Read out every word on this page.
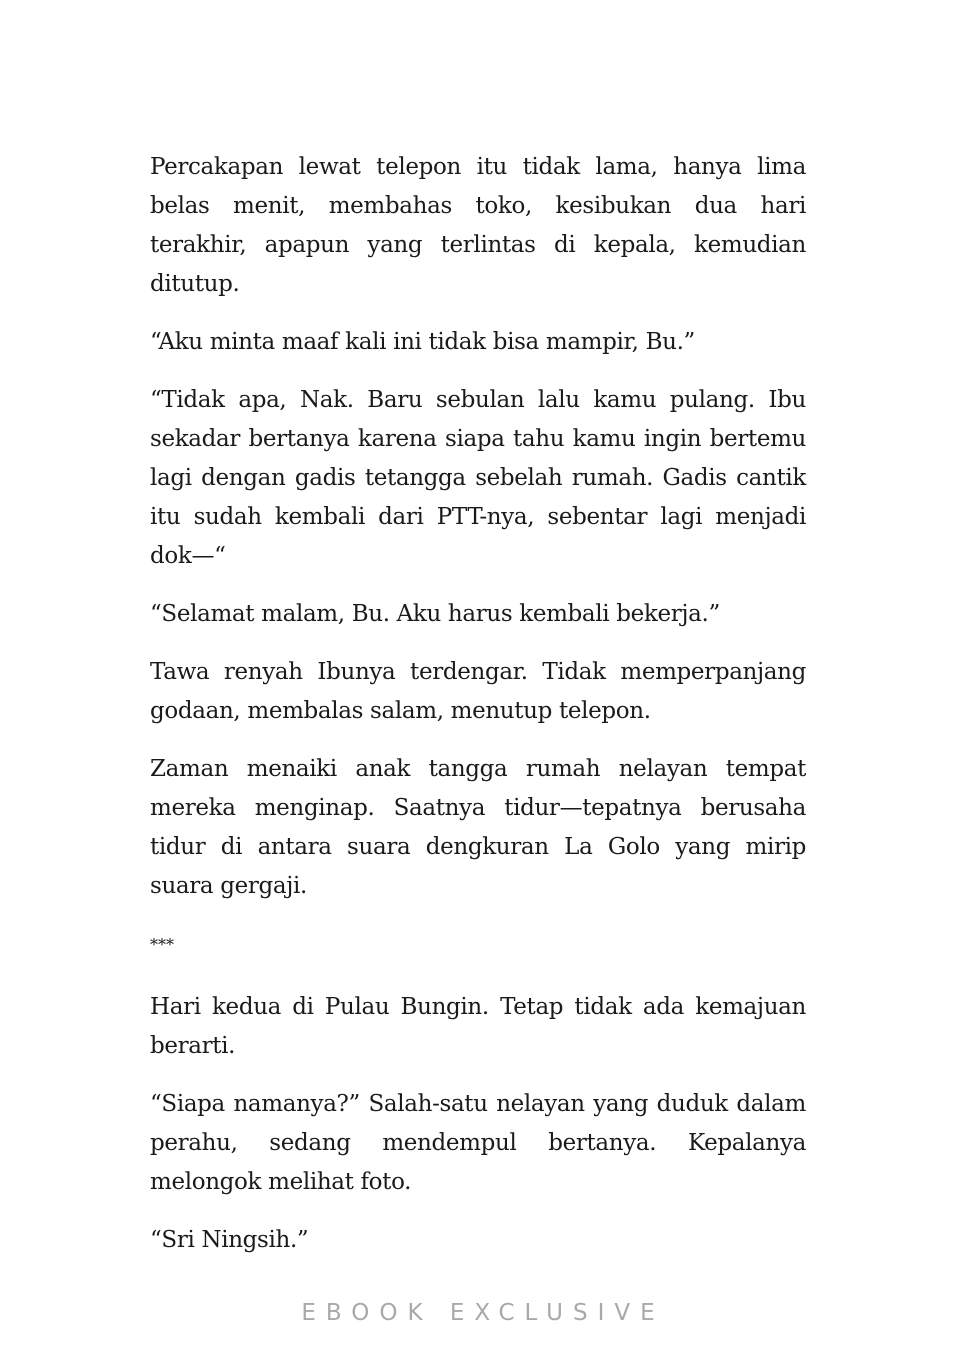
Percakapan lewat telepon itu tidak lama, hanya lima belas menit, membahas toko, kesibukan dua hari terakhir, apapun yang terlintas di kepala, kemudian ditutup.

“Aku minta maaf kali ini tidak bisa mampir, Bu.”

“Tidak apa, Nak. Baru sebulan lalu kamu pulang. Ibu sekadar bertanya karena siapa tahu kamu ingin bertemu lagi dengan gadis tetangga sebelah rumah. Gadis cantik itu sudah kembali dari PTT-nya, sebentar lagi menjadi dok—“

“Selamat malam, Bu. Aku harus kembali bekerja.”

Tawa renyah Ibunya terdengar. Tidak memperpanjang godaan, membalas salam, menutup telepon.

Zaman menaiki anak tangga rumah nelayan tempat mereka menginap. Saatnya tidur—tepatnya berusaha tidur di antara suara dengkuran La Golo yang mirip suara gergaji.

***

Hari kedua di Pulau Bungin. Tetap tidak ada kemajuan berarti.

“Siapa namanya?” Salah-satu nelayan yang duduk dalam perahu, sedang mendempul bertanya. Kepalanya melongok melihat foto.

“Sri Ningsih.”

EBOOK EXCLUSIVE
